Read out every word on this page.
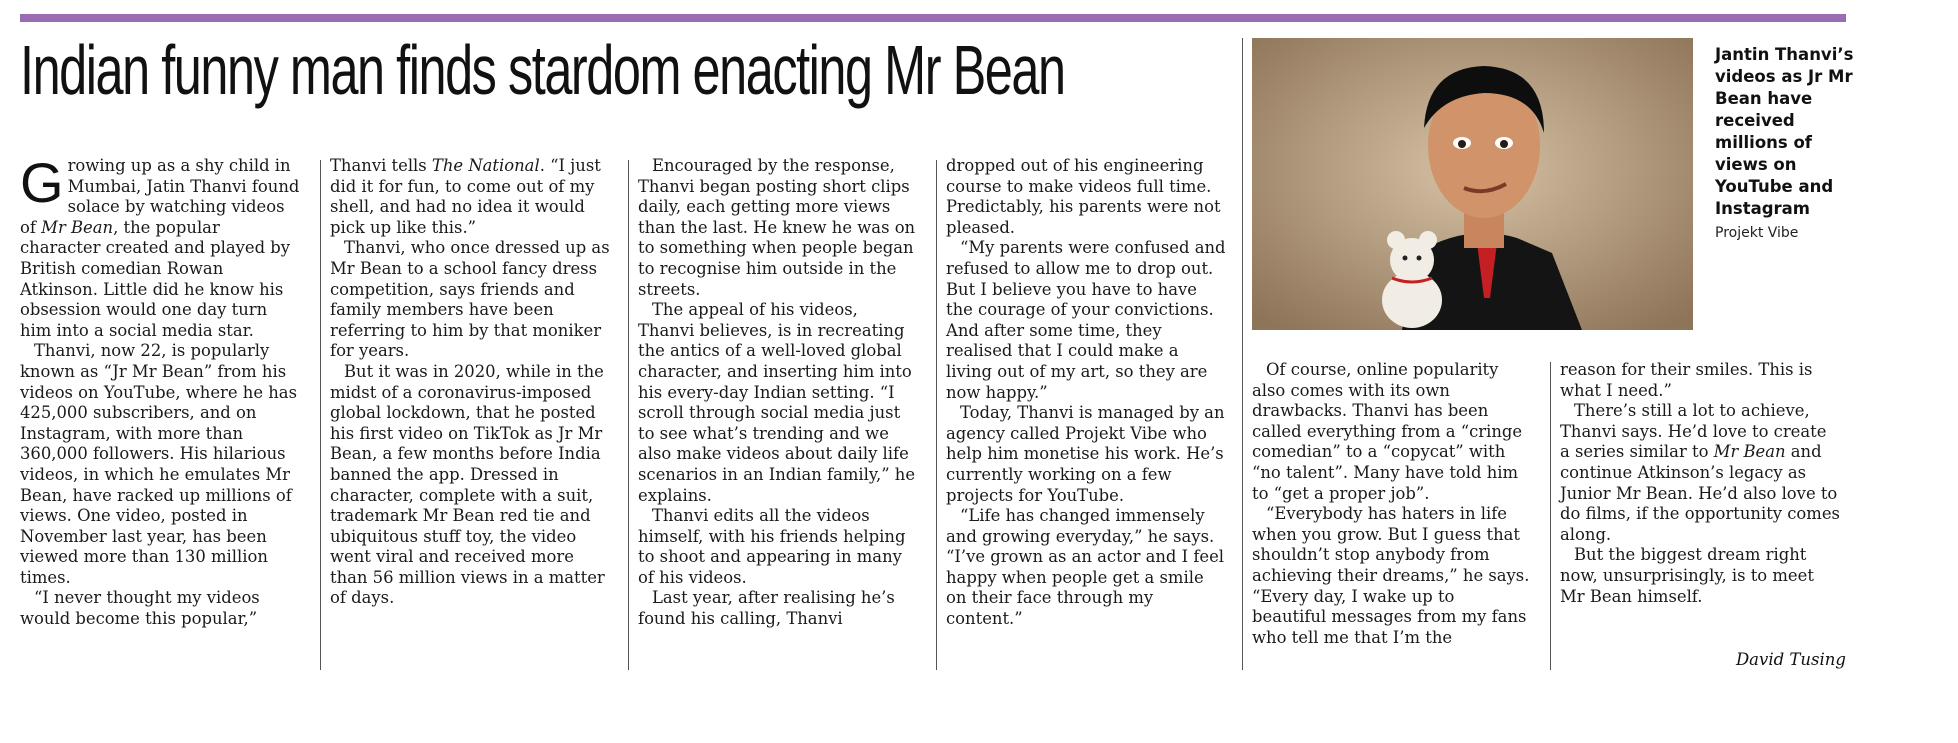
Indian funny man finds stardom enacting Mr Bean

Growing up as a shy child in Mumbai, Jatin Thanvi found solace by watching videos of Mr Bean, the popular character created and played by British comedian Rowan Atkinson. Little did he know his obsession would one day turn him into a social media star.

Thanvi, now 22, is popularly known as “Jr Mr Bean” from his videos on YouTube, where he has 425,000 subscribers, and on Instagram, with more than 360,000 followers. His hilarious videos, in which he emulates Mr Bean, have racked up millions of views. One video, posted in November last year, has been viewed more than 130 million times.

“I never thought my videos would become this popular,”

Thanvi tells The National. “I just did it for fun, to come out of my shell, and had no idea it would pick up like this.”

Thanvi, who once dressed up as Mr Bean to a school fancy dress competition, says friends and family members have been referring to him by that moniker for years.

But it was in 2020, while in the midst of a coronavirus-imposed global lockdown, that he posted his first video on TikTok as Jr Mr Bean, a few months before India banned the app. Dressed in character, complete with a suit, trademark Mr Bean red tie and ubiquitous stuff toy, the video went viral and received more than 56 million views in a matter of days.

Encouraged by the response, Thanvi began posting short clips daily, each getting more views than the last. He knew he was on to something when people began to recognise him outside in the streets.

The appeal of his videos, Thanvi believes, is in recreating the antics of a well-loved global character, and inserting him into his every-day Indian setting. “I scroll through social media just to see what’s trending and we also make videos about daily life scenarios in an Indian family,” he explains.

Thanvi edits all the videos himself, with his friends helping to shoot and appearing in many of his videos.

Last year, after realising he’s found his calling, Thanvi

dropped out of his engineering course to make videos full time. Predictably, his parents were not pleased.

“My parents were confused and refused to allow me to drop out. But I believe you have to have the courage of your convictions. And after some time, they realised that I could make a living out of my art, so they are now happy.”

Today, Thanvi is managed by an agency called Projekt Vibe who help him monetise his work. He’s currently working on a few projects for YouTube.

“Life has changed immensely and growing everyday,” he says. “I’ve grown as an actor and I feel happy when people get a smile on their face through my content.”

Jantin Thanvi’s videos as Jr Mr Bean have received millions of views on YouTube and Instagram
Projekt Vibe

Of course, online popularity also comes with its own drawbacks. Thanvi has been called everything from a “cringe comedian” to a “copycat” with “no talent”. Many have told him to “get a proper job”.

“Everybody has haters in life when you grow. But I guess that shouldn’t stop anybody from achieving their dreams,” he says. “Every day, I wake up to beautiful messages from my fans who tell me that I’m the

reason for their smiles. This is what I need.”

There’s still a lot to achieve, Thanvi says. He’d love to create a series similar to Mr Bean and continue Atkinson’s legacy as Junior Mr Bean. He’d also love to do films, if the opportunity comes along.

But the biggest dream right now, unsurprisingly, is to meet Mr Bean himself.

David Tusing
